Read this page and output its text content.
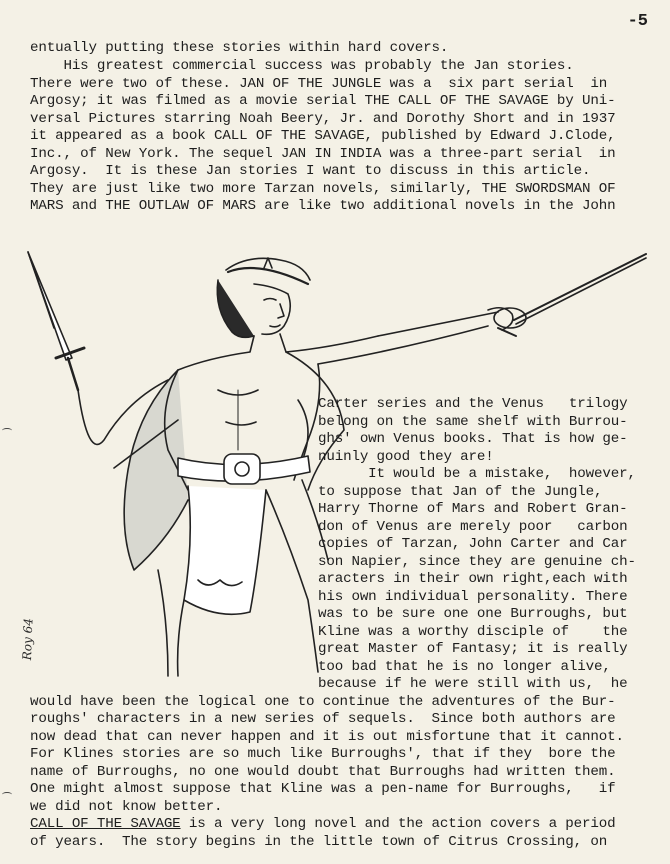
-5
entually putting these stories within hard covers.
His greatest commercial success was probably the Jan stories.
There were two of these. JAN OF THE JUNGLE was a  six part serial  in
Argosy; it was filmed as a movie serial THE CALL OF THE SAVAGE by Uni-
versal Pictures starring Noah Beery, Jr. and Dorothy Short and in 1937
it appeared as a book CALL OF THE SAVAGE, published by Edward J.Clode,
Inc., of New York. The sequel JAN IN INDIA was a three-part serial  in
Argosy.  It is these Jan stories I want to discuss in this article.
They are just like two more Tarzan novels, similarly, THE SWORDSMAN OF
MARS and THE OUTLAW OF MARS are like two additional novels in the John
Roy 64
Carter series and the Venus   trilogy
belong on the same shelf with Burrou-
ghs' own Venus books. That is how ge-
nuinly good they are!
It would be a mistake,  however,
to suppose that Jan of the Jungle,
Harry Thorne of Mars and Robert Gran-
don of Venus are merely poor   carbon
copies of Tarzan, John Carter and Car
son Napier, since they are genuine ch-
aracters in their own right,each with
his own individual personality. There
was to be sure one one Burroughs, but
Kline was a worthy disciple of    the
great Master of Fantasy; it is really
too bad that he is no longer alive,
because if he were still with us,  he
would have been the logical one to continue the adventures of the Bur-
roughs' characters in a new series of sequels.  Since both authors are
now dead that can never happen and it is out misfortune that it cannot.
For Klines stories are so much like Burroughs', that if they  bore the
name of Burroughs, no one would doubt that Burroughs had written them.
One might almost suppose that Kline was a pen-name for Burroughs,   if
we did not know better.
CALL OF THE SAVAGE is a very long novel and the action covers a period
of years.  The story begins in the little town of Citrus Crossing, on
